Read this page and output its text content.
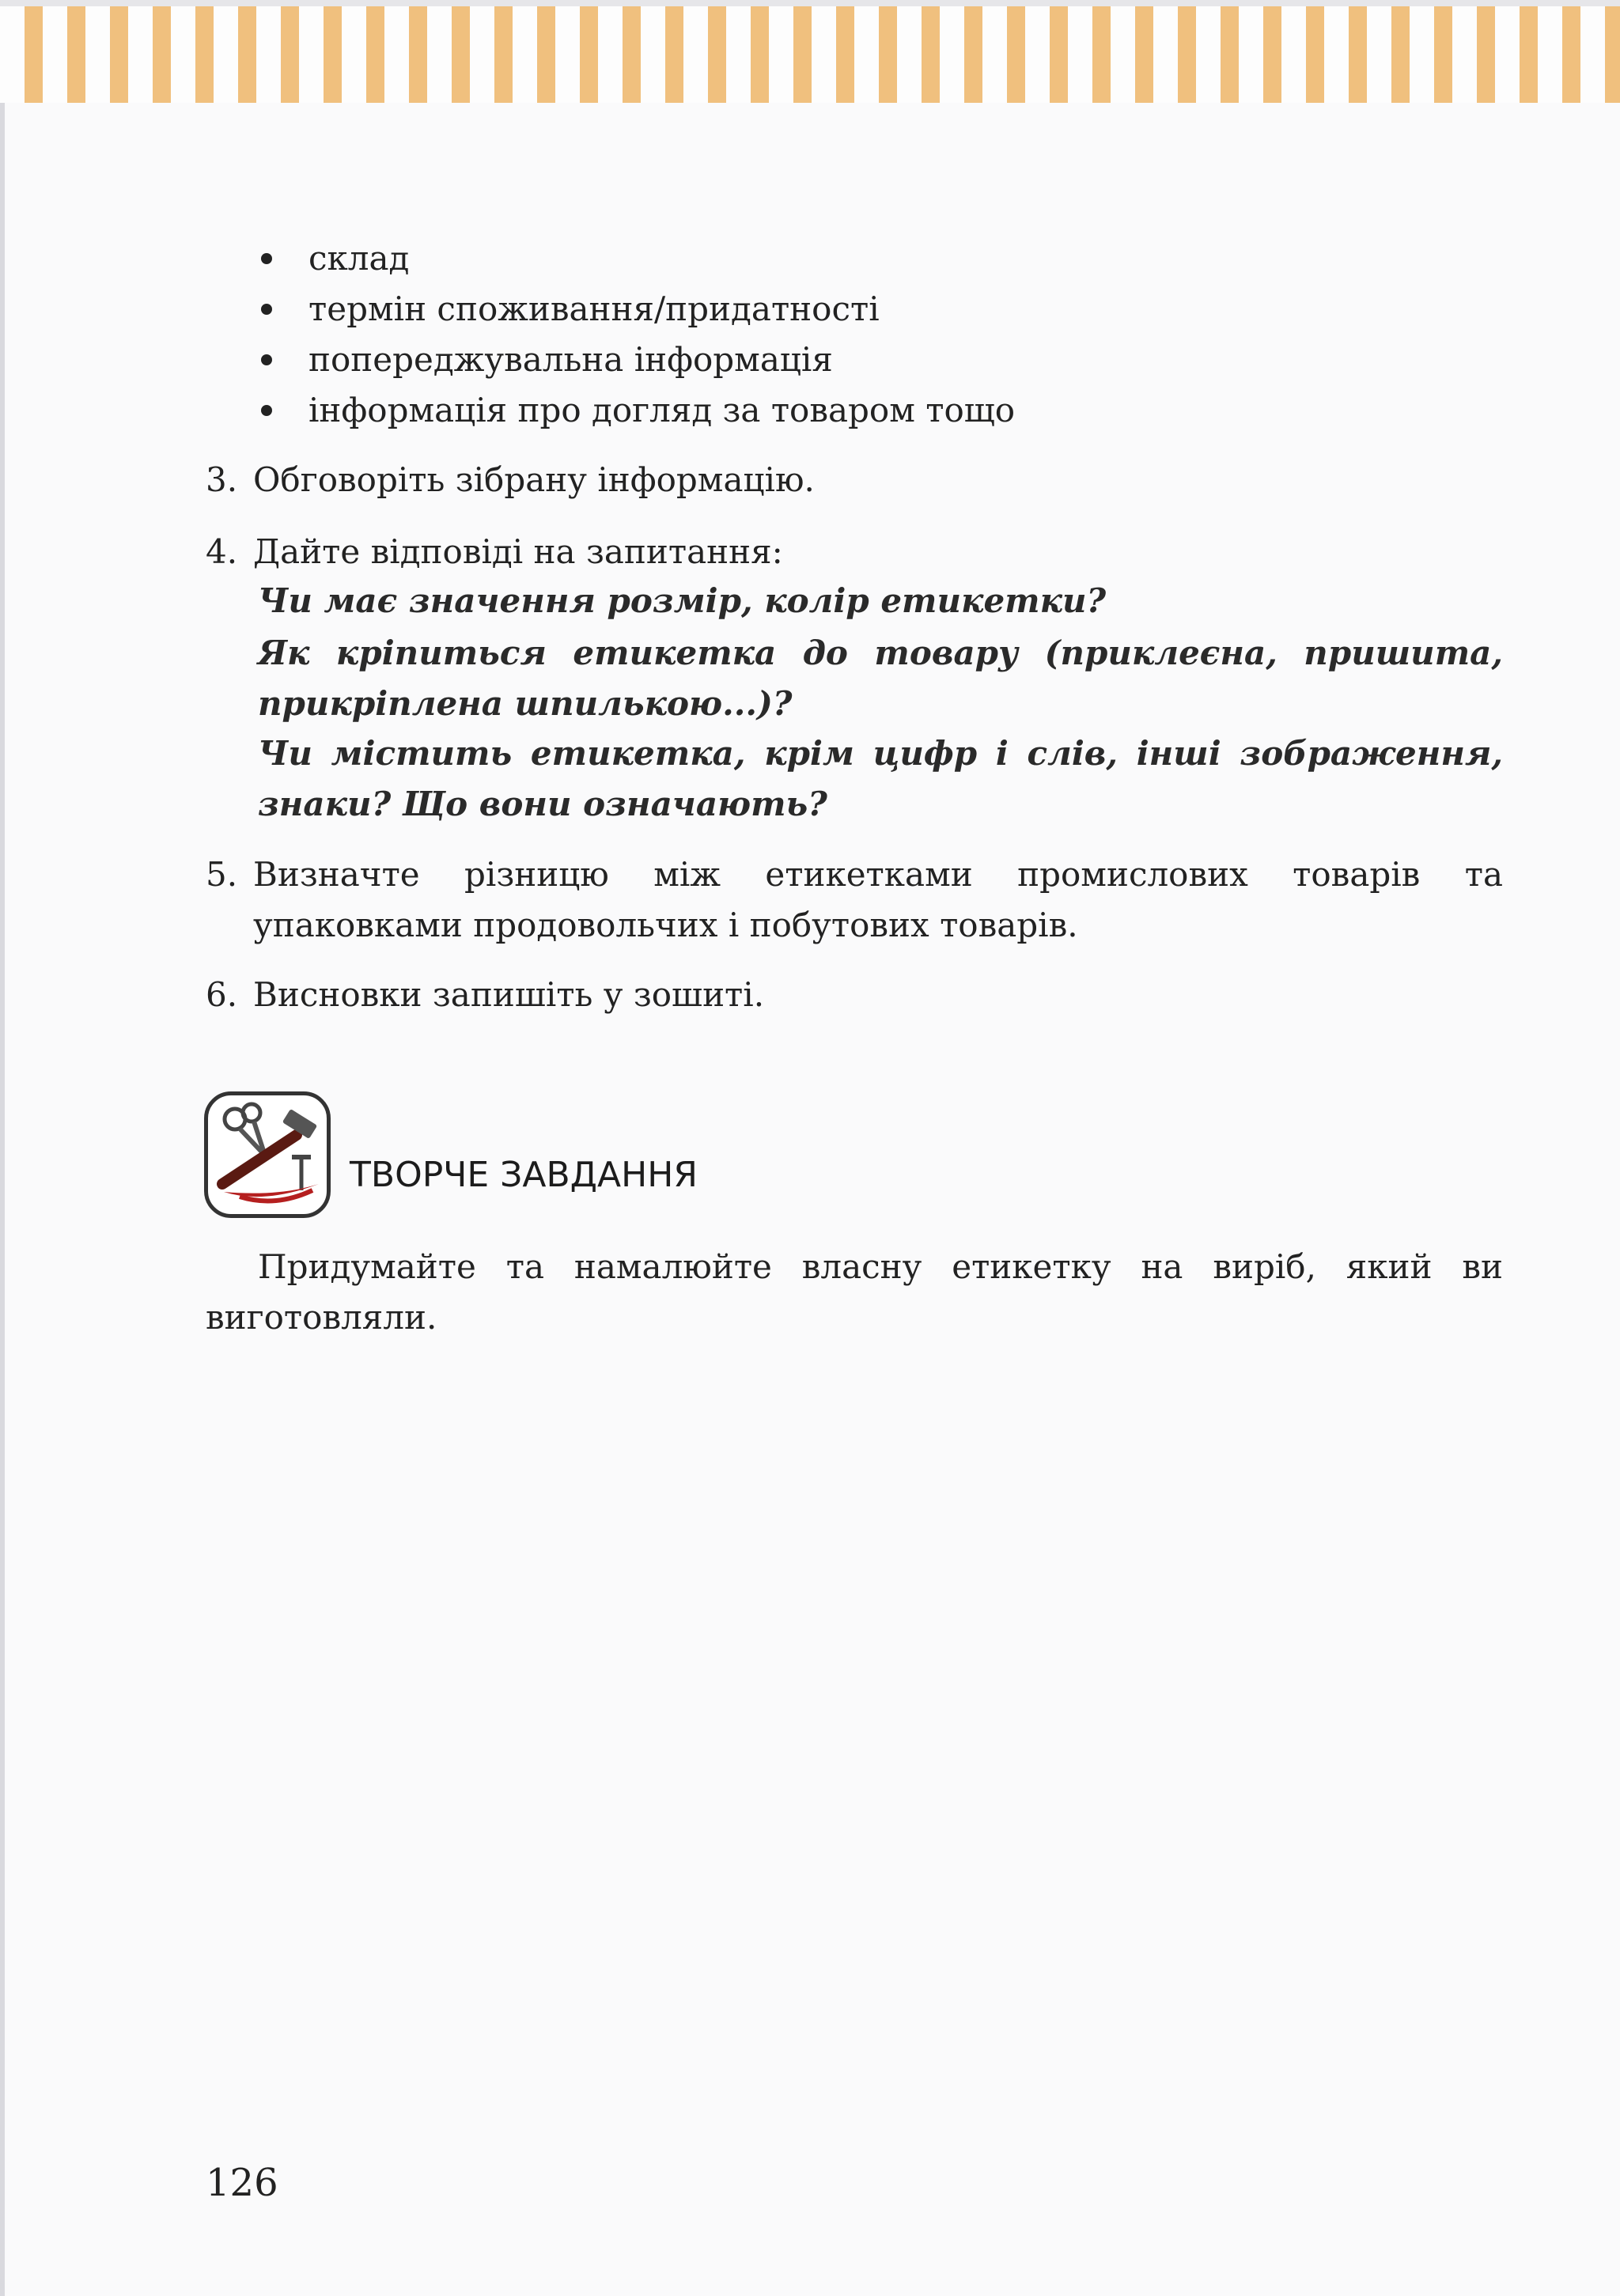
склад
термін споживання/придатності
попереджувальна інформація
інформація про догляд за товаром тощо
3. Обговоріть зібрану інформацію.
4. Дайте відповіді на запитання:
Чи має значення розмір, колір етикетки?
Як кріпиться етикетка до товару (приклеєна, пришита, прикріплена шпилькою...)?
Чи містить етикетка, крім цифр і слів, інші зображення, знаки? Що вони означають?
5. Визначте різницю між етикетками промислових товарів та упаковками продовольчих і побутових товарів.
6. Висновки запишіть у зошиті.
ТВОРЧЕ ЗАВДАННЯ

Придумайте та намалюйте власну етикетку на виріб, який ви виготовляли.

126
